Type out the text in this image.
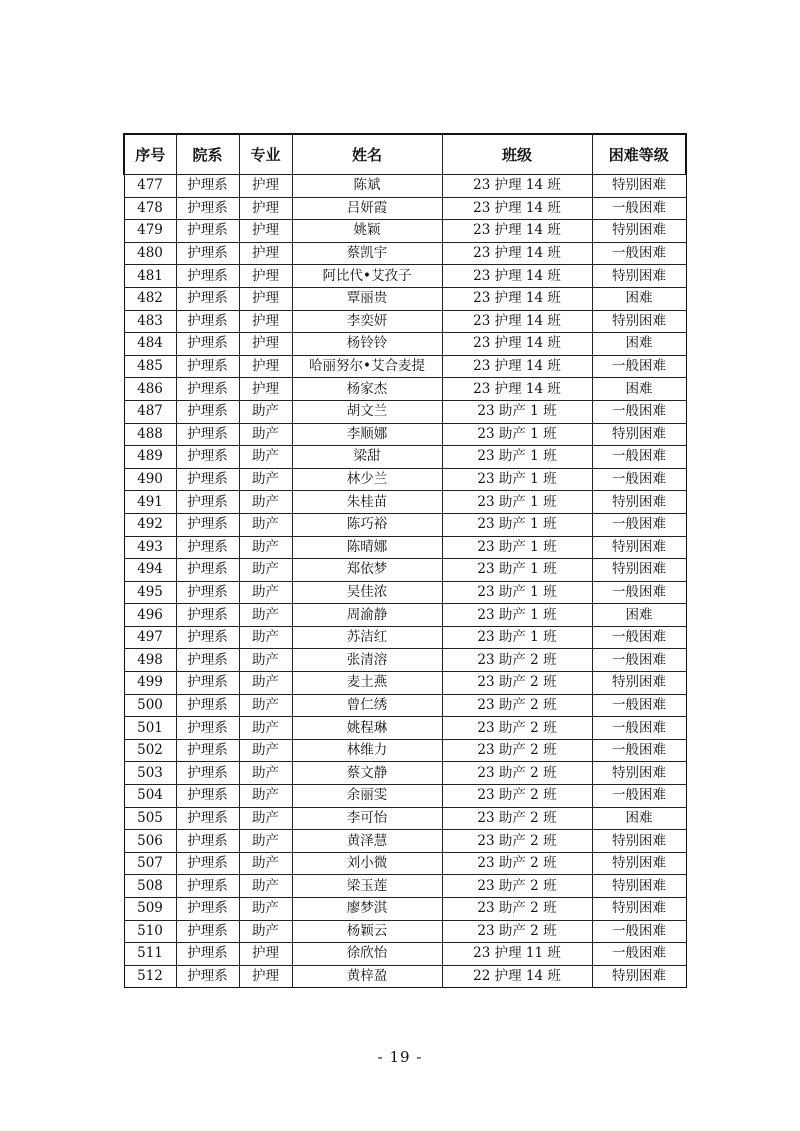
序号	院系	专业	姓名	班级	困难等级
477	护理系	护理	陈斌	23 护理 14 班	特别困难
478	护理系	护理	吕妍霞	23 护理 14 班	一般困难
479	护理系	护理	姚颖	23 护理 14 班	特别困难
480	护理系	护理	蔡凯宇	23 护理 14 班	一般困难
481	护理系	护理	阿比代•艾孜子	23 护理 14 班	特别困难
482	护理系	护理	覃丽贵	23 护理 14 班	困难
483	护理系	护理	李奕妍	23 护理 14 班	特别困难
484	护理系	护理	杨铃铃	23 护理 14 班	困难
485	护理系	护理	哈丽努尔•艾合麦提	23 护理 14 班	一般困难
486	护理系	护理	杨家杰	23 护理 14 班	困难
487	护理系	助产	胡文兰	23 助产 1 班	一般困难
488	护理系	助产	李顺娜	23 助产 1 班	特别困难
489	护理系	助产	梁甜	23 助产 1 班	一般困难
490	护理系	助产	林少兰	23 助产 1 班	一般困难
491	护理系	助产	朱桂苗	23 助产 1 班	特别困难
492	护理系	助产	陈巧裕	23 助产 1 班	一般困难
493	护理系	助产	陈晴娜	23 助产 1 班	特别困难
494	护理系	助产	郑依梦	23 助产 1 班	特别困难
495	护理系	助产	吴佳浓	23 助产 1 班	一般困难
496	护理系	助产	周渝静	23 助产 1 班	困难
497	护理系	助产	苏洁红	23 助产 1 班	一般困难
498	护理系	助产	张清溶	23 助产 2 班	一般困难
499	护理系	助产	麦土燕	23 助产 2 班	特别困难
500	护理系	助产	曾仁绣	23 助产 2 班	一般困难
501	护理系	助产	姚程琳	23 助产 2 班	一般困难
502	护理系	助产	林维力	23 助产 2 班	一般困难
503	护理系	助产	蔡文静	23 助产 2 班	特别困难
504	护理系	助产	余丽雯	23 助产 2 班	一般困难
505	护理系	助产	李可怡	23 助产 2 班	困难
506	护理系	助产	黄泽慧	23 助产 2 班	特别困难
507	护理系	助产	刘小微	23 助产 2 班	特别困难
508	护理系	助产	梁玉莲	23 助产 2 班	特别困难
509	护理系	助产	廖梦淇	23 助产 2 班	特别困难
510	护理系	助产	杨颖云	23 助产 2 班	一般困难
511	护理系	护理	徐欣怡	23 护理 11 班	一般困难
512	护理系	护理	黄梓盈	22 护理 14 班	特别困难
- 19 -
